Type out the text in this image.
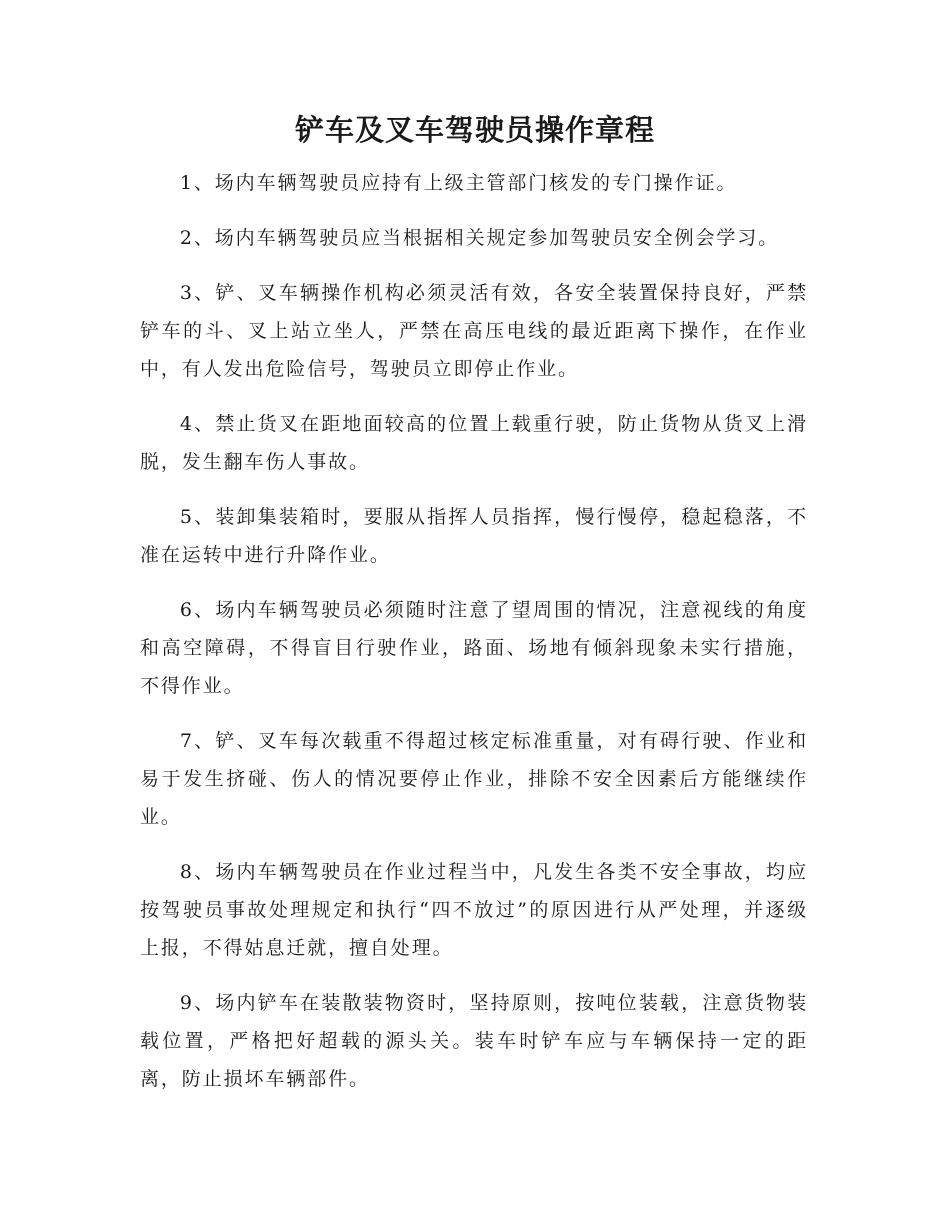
铲车及叉车驾驶员操作章程

1、场内车辆驾驶员应持有上级主管部门核发的专门操作证。

2、场内车辆驾驶员应当根据相关规定参加驾驶员安全例会学习。

3、铲、叉车辆操作机构必须灵活有效，各安全装置保持良好，严禁铲车的斗、叉上站立坐人，严禁在高压电线的最近距离下操作，在作业中，有人发出危险信号，驾驶员立即停止作业。

4、禁止货叉在距地面较高的位置上载重行驶，防止货物从货叉上滑脱，发生翻车伤人事故。

5、装卸集装箱时，要服从指挥人员指挥，慢行慢停，稳起稳落，不准在运转中进行升降作业。

6、场内车辆驾驶员必须随时注意了望周围的情况，注意视线的角度和高空障碍，不得盲目行驶作业，路面、场地有倾斜现象未实行措施，不得作业。

7、铲、叉车每次载重不得超过核定标准重量，对有碍行驶、作业和易于发生挤碰、伤人的情况要停止作业，排除不安全因素后方能继续作业。

8、场内车辆驾驶员在作业过程当中，凡发生各类不安全事故，均应按驾驶员事故处理规定和执行“四不放过”的原因进行从严处理，并逐级上报，不得姑息迁就，擅自处理。

9、场内铲车在装散装物资时，坚持原则，按吨位装载，注意货物装载位置，严格把好超载的源头关。装车时铲车应与车辆保持一定的距离，防止损坏车辆部件。
